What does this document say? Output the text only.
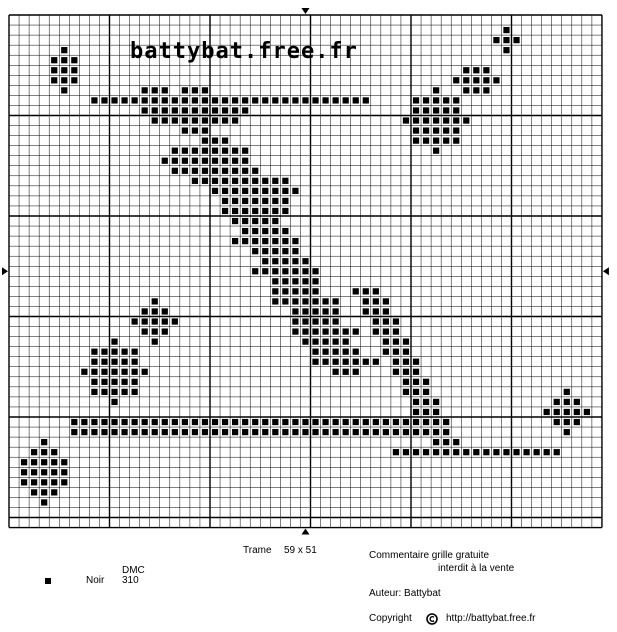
battybat.free.fr
Trame 59 x 51
DMC
Noir 310
Commentaire grille gratuite
interdit à la vente
Auteur: Battybat
Copyright	http://battybat.free.fr
